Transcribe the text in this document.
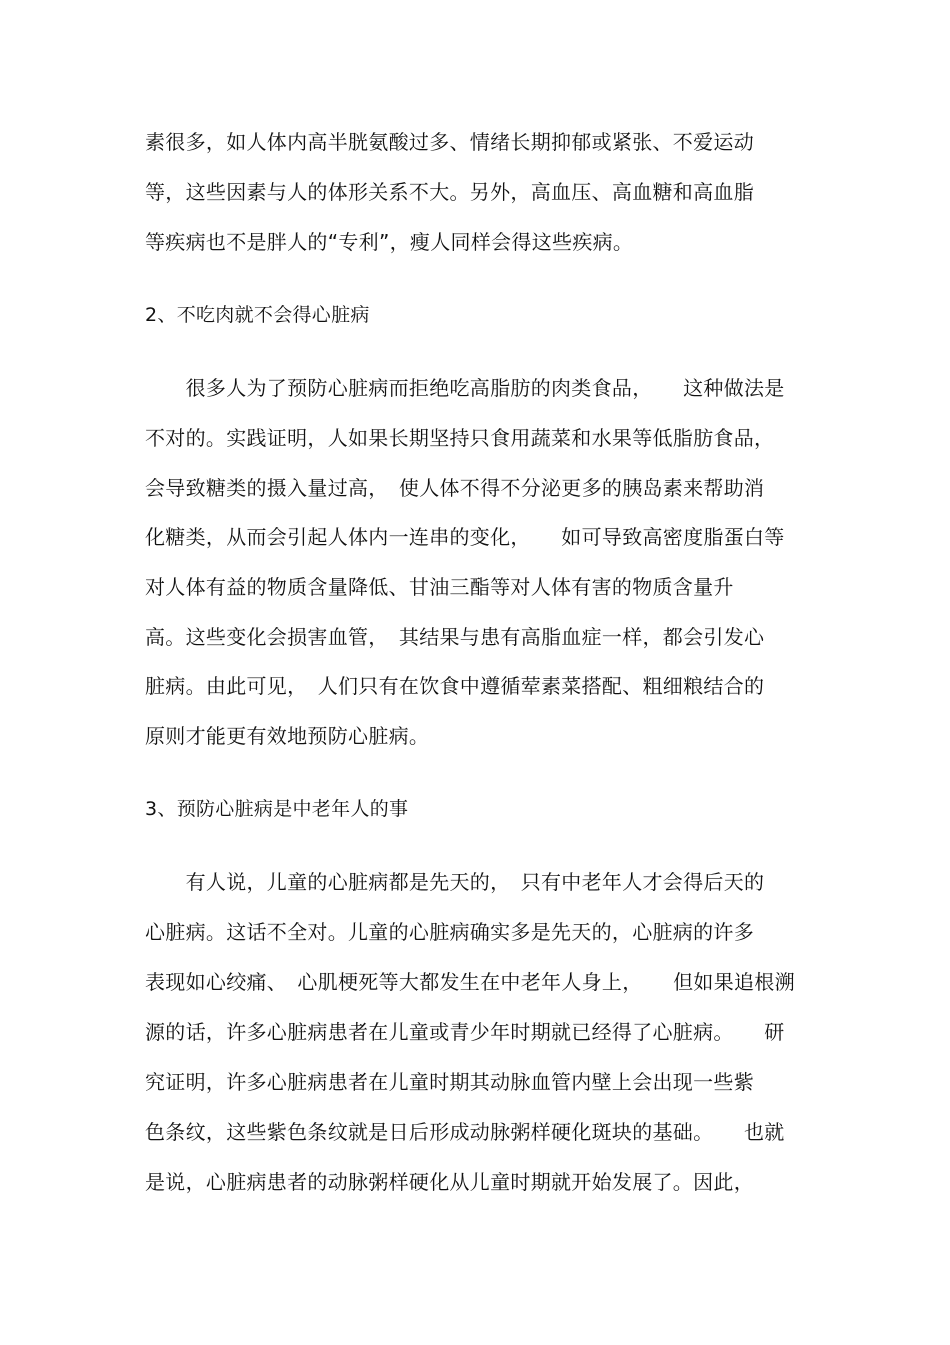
素很多，如人体内高半胱氨酸过多、情绪长期抑郁或紧张、不爱运动
等，这些因素与人的体形关系不大。另外，高血压、高血糖和高血脂
等疾病也不是胖人的“专利”，瘦人同样会得这些疾病。
2、不吃肉就不会得心脏病
　　很多人为了预防心脏病而拒绝吃高脂肪的肉类食品，　　这种做法是
不对的。实践证明，人如果长期坚持只食用蔬菜和水果等低脂肪食品，
会导致糖类的摄入量过高，　使人体不得不分泌更多的胰岛素来帮助消
化糖类，从而会引起人体内一连串的变化，　　如可导致高密度脂蛋白等
对人体有益的物质含量降低、甘油三酯等对人体有害的物质含量升
高。这些变化会损害血管，　其结果与患有高脂血症一样，都会引发心
脏病。由此可见，　人们只有在饮食中遵循荤素菜搭配、粗细粮结合的
原则才能更有效地预防心脏病。
3、预防心脏病是中老年人的事
　　有人说，儿童的心脏病都是先天的，　只有中老年人才会得后天的
心脏病。这话不全对。儿童的心脏病确实多是先天的，心脏病的许多
表现如心绞痛、　心肌梗死等大都发生在中老年人身上，　　但如果追根溯
源的话，许多心脏病患者在儿童或青少年时期就已经得了心脏病。　　研
究证明，许多心脏病患者在儿童时期其动脉血管内壁上会出现一些紫
色条纹，这些紫色条纹就是日后形成动脉粥样硬化斑块的基础。　　也就
是说，心脏病患者的动脉粥样硬化从儿童时期就开始发展了。因此，
